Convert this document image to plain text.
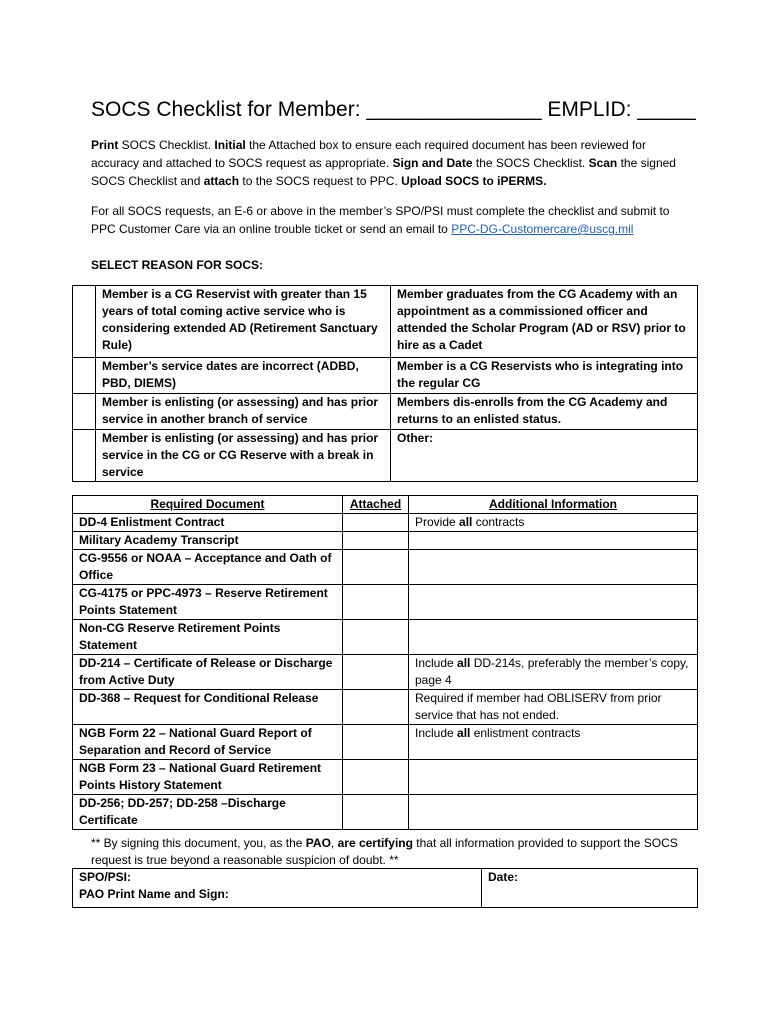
SOCS Checklist for Member: _______________ EMPLID: _____
Print SOCS Checklist. Initial the Attached box to ensure each required document has been reviewed for accuracy and attached to SOCS request as appropriate. Sign and Date the SOCS Checklist. Scan the signed SOCS Checklist and attach to the SOCS request to PPC. Upload SOCS to iPERMS.
For all SOCS requests, an E-6 or above in the member’s SPO/PSI must complete the checklist and submit to PPC Customer Care via an online trouble ticket or send an email to PPC-DG-Customercare@uscg.mil
SELECT REASON FOR SOCS:
	Member is a CG Reservist with greater than 15 years of total coming active service who is considering extended AD (Retirement Sanctuary Rule)	Member graduates from the CG Academy with an appointment as a commissioned officer and attended the Scholar Program (AD or RSV) prior to hire as a Cadet
	Member’s service dates are incorrect (ADBD, PBD, DIEMS)	Member is a CG Reservists who is integrating into the regular CG
	Member is enlisting (or assessing) and has prior service in another branch of service	Members dis-enrolls from the CG Academy and returns to an enlisted status.
	Member is enlisting (or assessing) and has prior service in the CG or CG Reserve with a break in service	Other:
Required Document	Attached	Additional Information
DD-4 Enlistment Contract		Provide all contracts
Military Academy Transcript		
CG-9556 or NOAA – Acceptance and Oath of Office		
CG-4175 or PPC-4973 – Reserve Retirement Points Statement		
Non-CG Reserve Retirement Points Statement		
DD-214 – Certificate of Release or Discharge from Active Duty		Include all DD-214s, preferably the member’s copy, page 4
DD-368 – Request for Conditional Release		Required if member had OBLISERV from prior service that has not ended.
NGB Form 22 – National Guard Report of Separation and Record of Service		Include all enlistment contracts
NGB Form 23 – National Guard Retirement Points History Statement		
DD-256; DD-257; DD-258 –Discharge Certificate		
** By signing this document, you, as the PAO, are certifying that all information provided to support the SOCS request is true beyond a reasonable suspicion of doubt. **
SPO/PSI:
PAO Print Name and Sign:

Date:
